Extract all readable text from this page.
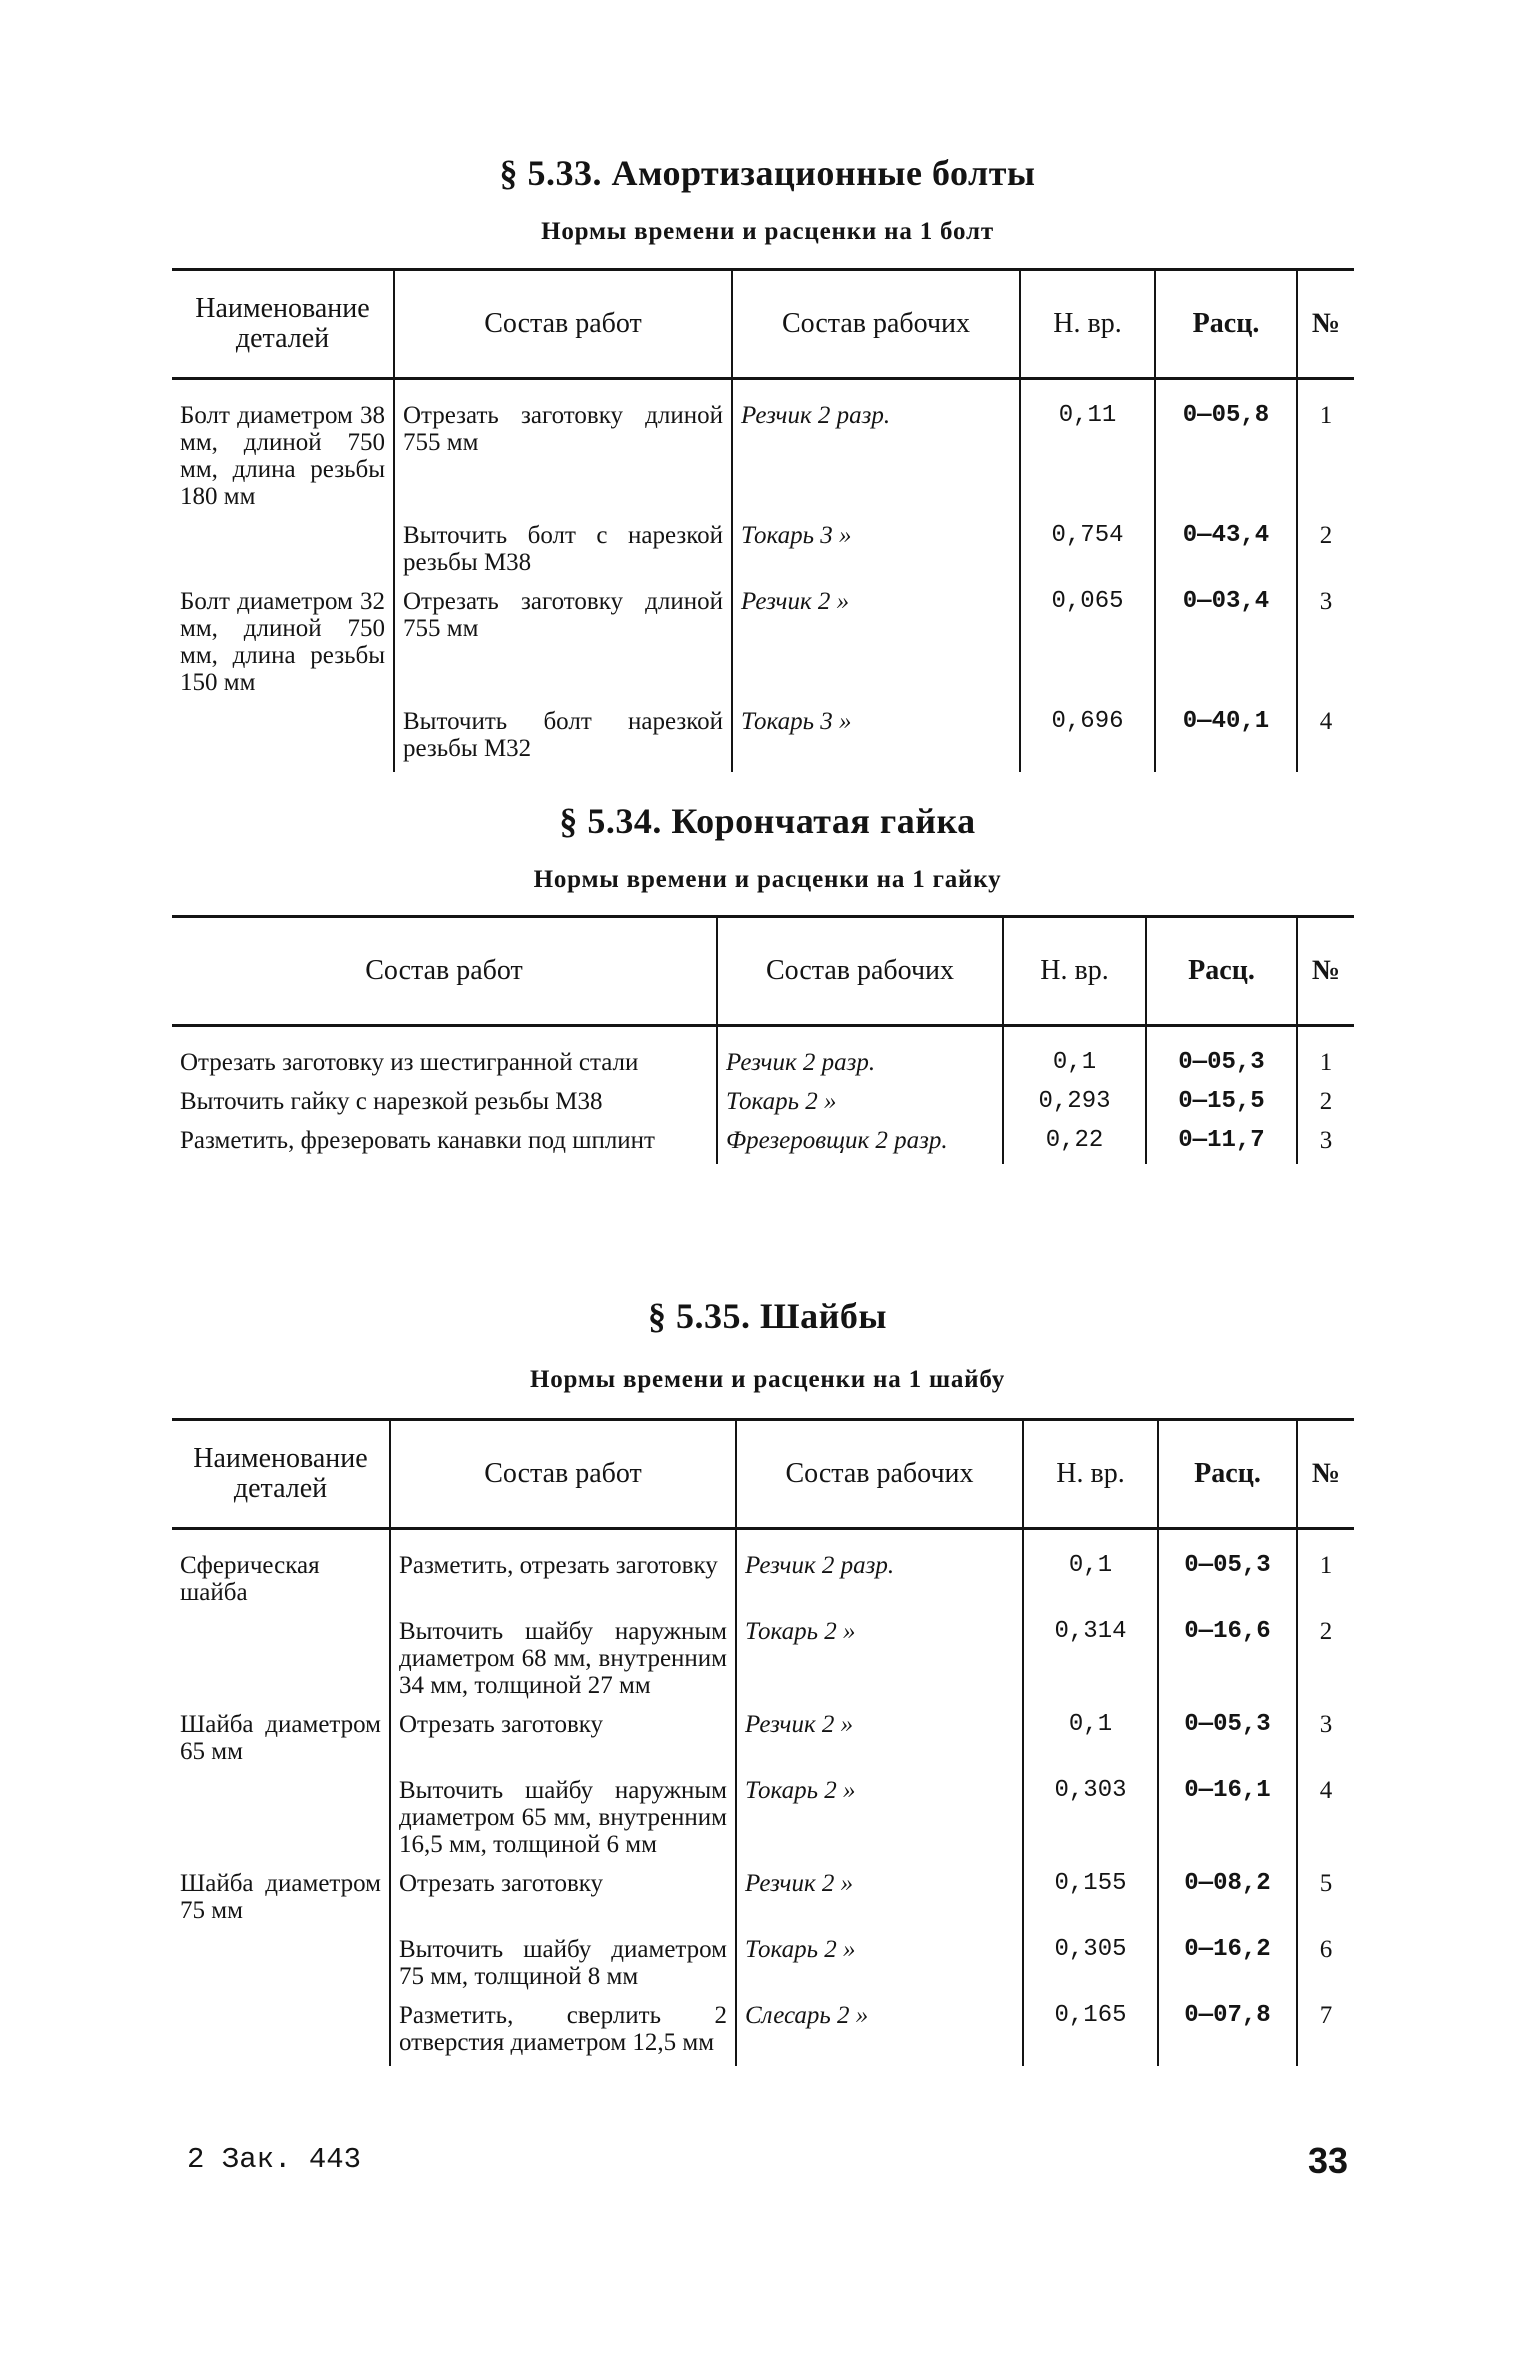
§ 5.33. Амортизационные болты
Нормы времени и расценки на 1 болт
Наименование деталей	Состав работ	Состав рабочих	Н. вр.	Расц.	№
Болт диаметром 38 мм, длиной 750 мм, длина резьбы 180 мм	Отрезать заготовку длиной 755 мм	Резчик 2 разр.	0,11	0—05,8	1
	Выточить болт с нарезкой резьбы М38	Токарь 3 »	0,754	0—43,4	2
Болт диаметром 32 мм, длиной 750 мм, длина резьбы 150 мм	Отрезать заготовку длиной 755 мм	Резчик 2 »	0,065	0—03,4	3
	Выточить болт нарезкой резьбы М32	Токарь 3 »	0,696	0—40,1	4
§ 5.34. Корончатая гайка
Нормы времени и расценки на 1 гайку
Состав работ	Состав рабочих	Н. вр.	Расц.	№
Отрезать заготовку из шестигранной стали	Резчик 2 разр.	0,1	0—05,3	1
Выточить гайку с нарезкой резьбы М38	Токарь 2 »	0,293	0—15,5	2
Разметить, фрезеровать канавки под шплинт	Фрезеровщик 2 разр.	0,22	0—11,7	3
§ 5.35. Шайбы
Нормы времени и расценки на 1 шайбу
Наименование деталей	Состав работ	Состав рабочих	Н. вр.	Расц.	№
Сферическая шайба	Разметить, отрезать заготовку	Резчик 2 разр.	0,1	0—05,3	1
	Выточить шайбу наружным диаметром 68 мм, внутренним 34 мм, толщиной 27 мм	Токарь 2 »	0,314	0—16,6	2
Шайба диаметром 65 мм	Отрезать заготовку	Резчик 2 »	0,1	0—05,3	3
	Выточить шайбу наружным диаметром 65 мм, внутренним 16,5 мм, толщиной 6 мм	Токарь 2 »	0,303	0—16,1	4
Шайба диаметром 75 мм	Отрезать заготовку	Резчик 2 »	0,155	0—08,2	5
	Выточить шайбу диаметром 75 мм, толщиной 8 мм	Токарь 2 »	0,305	0—16,2	6
	Разметить, сверлить 2 отверстия диаметром 12,5 мм	Слесарь 2 »	0,165	0—07,8	7
2 Зак. 443	33
